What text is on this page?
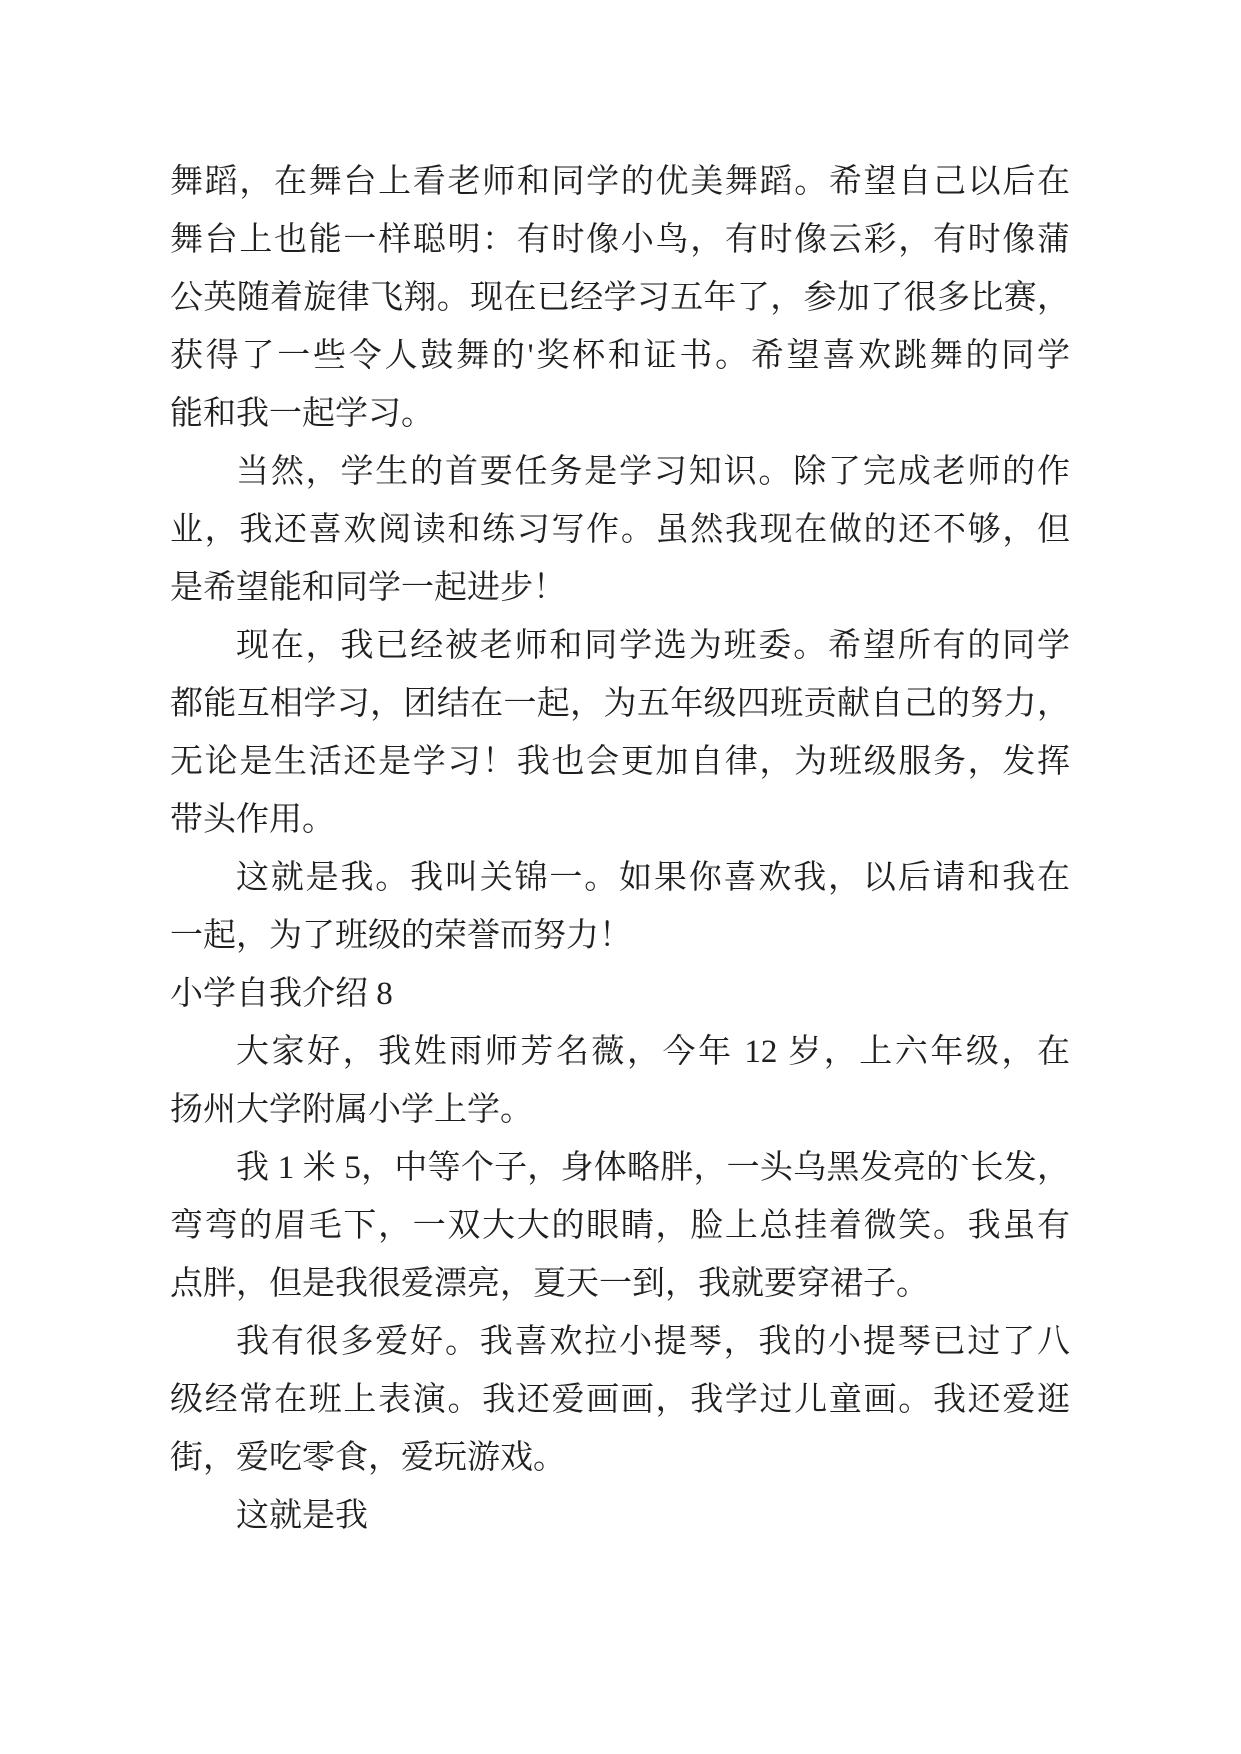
舞蹈，在舞台上看老师和同学的优美舞蹈。希望自己以后在
舞台上也能一样聪明：有时像小鸟，有时像云彩，有时像蒲
公英随着旋律飞翔。现在已经学习五年了，参加了很多比赛，
获得了一些令人鼓舞的'奖杯和证书。希望喜欢跳舞的同学
能和我一起学习。
当然，学生的首要任务是学习知识。除了完成老师的作
业，我还喜欢阅读和练习写作。虽然我现在做的还不够，但
是希望能和同学一起进步！
现在，我已经被老师和同学选为班委。希望所有的同学
都能互相学习，团结在一起，为五年级四班贡献自己的努力，
无论是生活还是学习！我也会更加自律，为班级服务，发挥
带头作用。
这就是我。我叫关锦一。如果你喜欢我，以后请和我在
一起，为了班级的荣誉而努力！
小学自我介绍 8
大家好，我姓雨师芳名薇，今年 12 岁，上六年级，在
扬州大学附属小学上学。
我 1 米 5，中等个子，身体略胖，一头乌黑发亮的`长发，
弯弯的眉毛下，一双大大的眼睛，脸上总挂着微笑。我虽有
点胖，但是我很爱漂亮，夏天一到，我就要穿裙子。
我有很多爱好。我喜欢拉小提琴，我的小提琴已过了八
级经常在班上表演。我还爱画画，我学过儿童画。我还爱逛
街，爱吃零食，爱玩游戏。
这就是我
